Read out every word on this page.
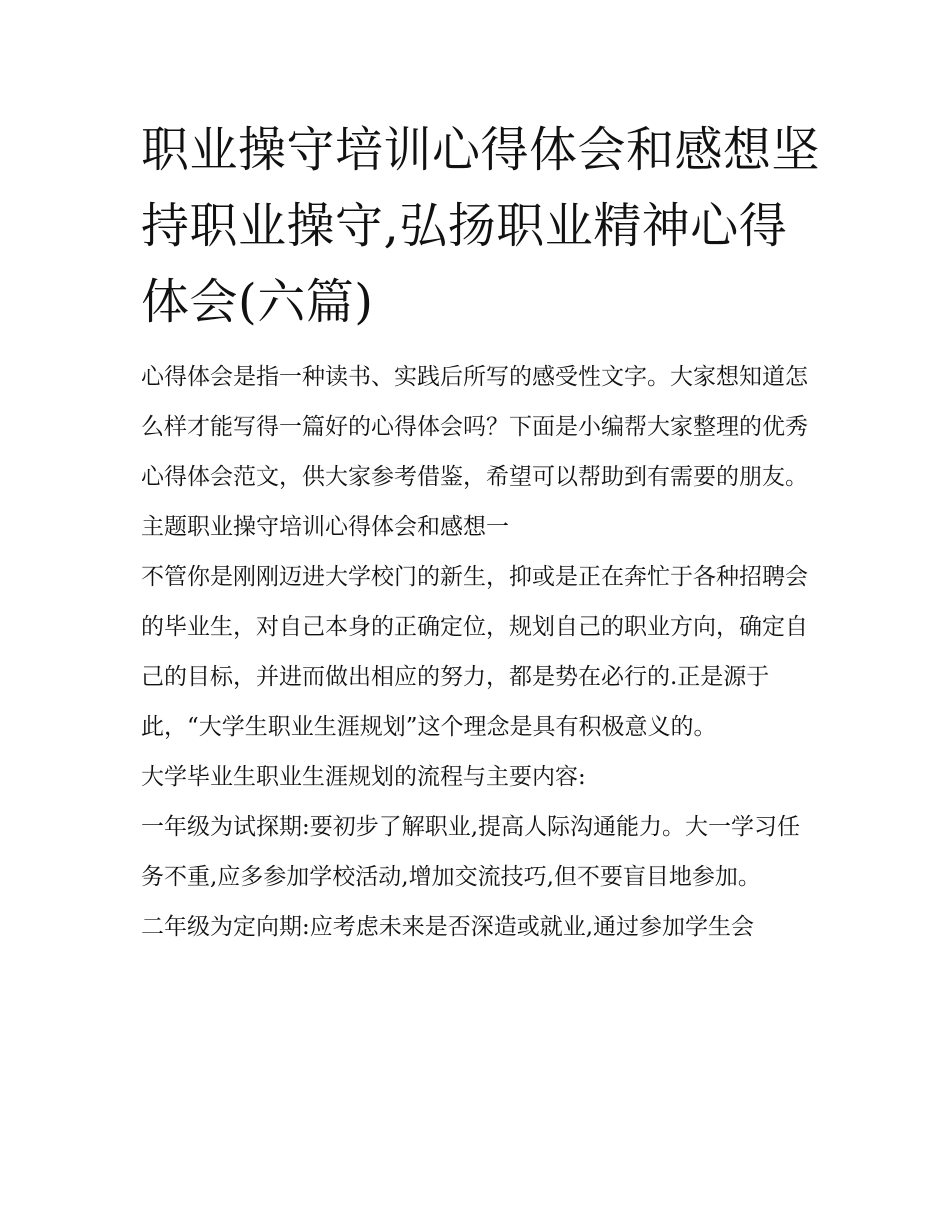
职业操守培训心得体会和感想坚持职业操守,弘扬职业精神心得体会(六篇)

心得体会是指一种读书、实践后所写的感受性文字。大家想知道怎么样才能写得一篇好的心得体会吗？下面是小编帮大家整理的优秀心得体会范文，供大家参考借鉴，希望可以帮助到有需要的朋友。

主题职业操守培训心得体会和感想一

不管你是刚刚迈进大学校门的新生，抑或是正在奔忙于各种招聘会的毕业生，对自己本身的正确定位，规划自己的职业方向，确定自己的目标，并进而做出相应的努力，都是势在必行的.正是源于此，“大学生职业生涯规划”这个理念是具有积极意义的。

大学毕业生职业生涯规划的流程与主要内容:

一年级为试探期:要初步了解职业,提高人际沟通能力。大一学习任务不重,应多参加学校活动,增加交流技巧,但不要盲目地参加。

二年级为定向期:应考虑未来是否深造或就业,通过参加学生会
